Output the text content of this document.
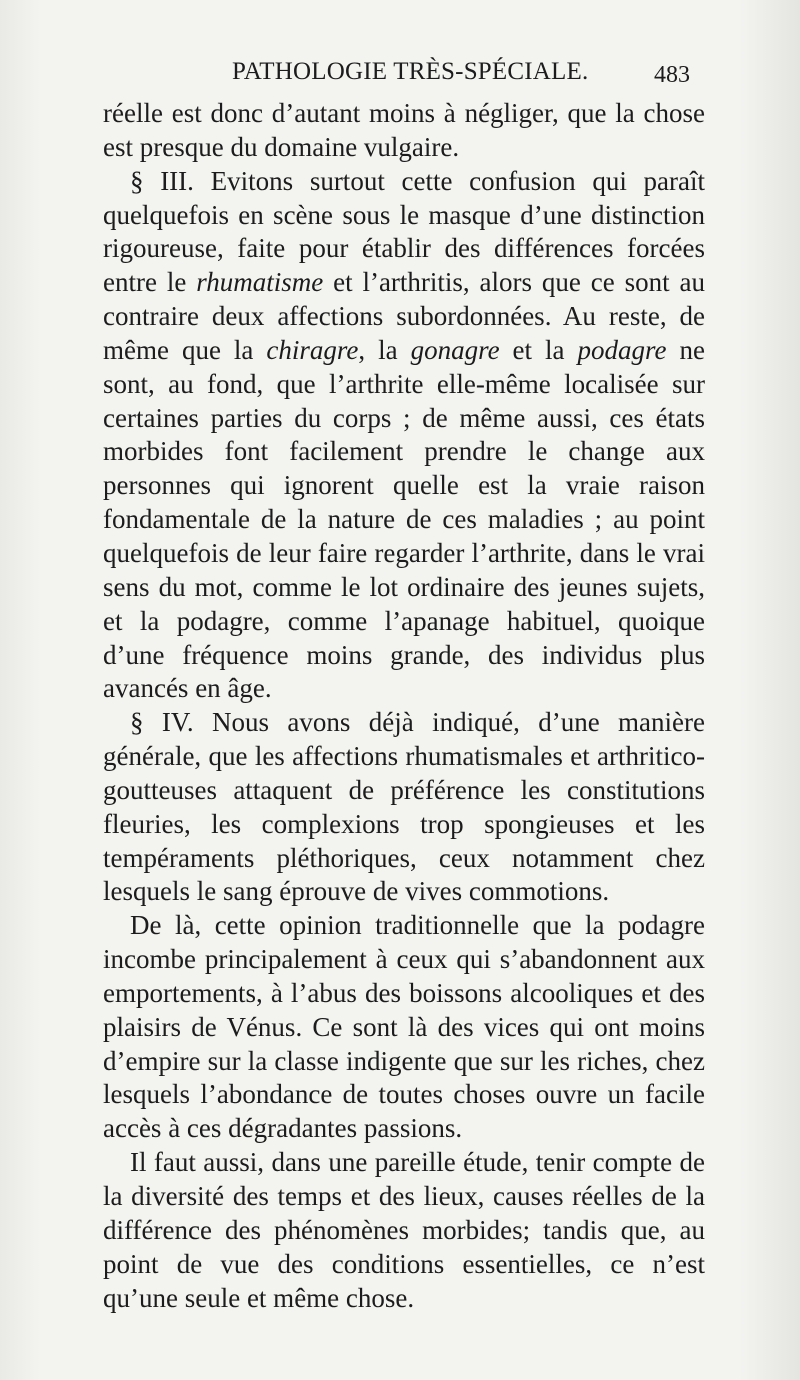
PATHOLOGIE TRÈS-SPÉCIALE.	483

réelle est donc d’autant moins à négliger, que la chose est presque du domaine vulgaire.

§ III. Evitons surtout cette confusion qui paraît quelquefois en scène sous le masque d’une distinction rigoureuse, faite pour établir des différences forcées entre le rhumatisme et l’arthritis, alors que ce sont au contraire deux affections subordonnées. Au reste, de même que la chiragre, la gonagre et la podagre ne sont, au fond, que l’arthrite elle-même localisée sur certaines parties du corps ; de même aussi, ces états morbides font facilement prendre le change aux personnes qui ignorent quelle est la vraie raison fondamentale de la nature de ces maladies ; au point quelquefois de leur faire regarder l’arthrite, dans le vrai sens du mot, comme le lot ordinaire des jeunes sujets, et la podagre, comme l’apanage habituel, quoique d’une fréquence moins grande, des individus plus avancés en âge.

§ IV. Nous avons déjà indiqué, d’une manière générale, que les affections rhumatismales et arthritico-goutteuses attaquent de préférence les constitutions fleuries, les complexions trop spongieuses et les tempéraments pléthoriques, ceux notamment chez lesquels le sang éprouve de vives commotions.

De là, cette opinion traditionnelle que la podagre incombe principalement à ceux qui s’abandonnent aux emportements, à l’abus des boissons alcooliques et des plaisirs de Vénus. Ce sont là des vices qui ont moins d’empire sur la classe indigente que sur les riches, chez lesquels l’abondance de toutes choses ouvre un facile accès à ces dégradantes passions.

Il faut aussi, dans une pareille étude, tenir compte de la diversité des temps et des lieux, causes réelles de la différence des phénomènes morbides; tandis que, au point de vue des conditions essentielles, ce n’est qu’une seule et même chose.
